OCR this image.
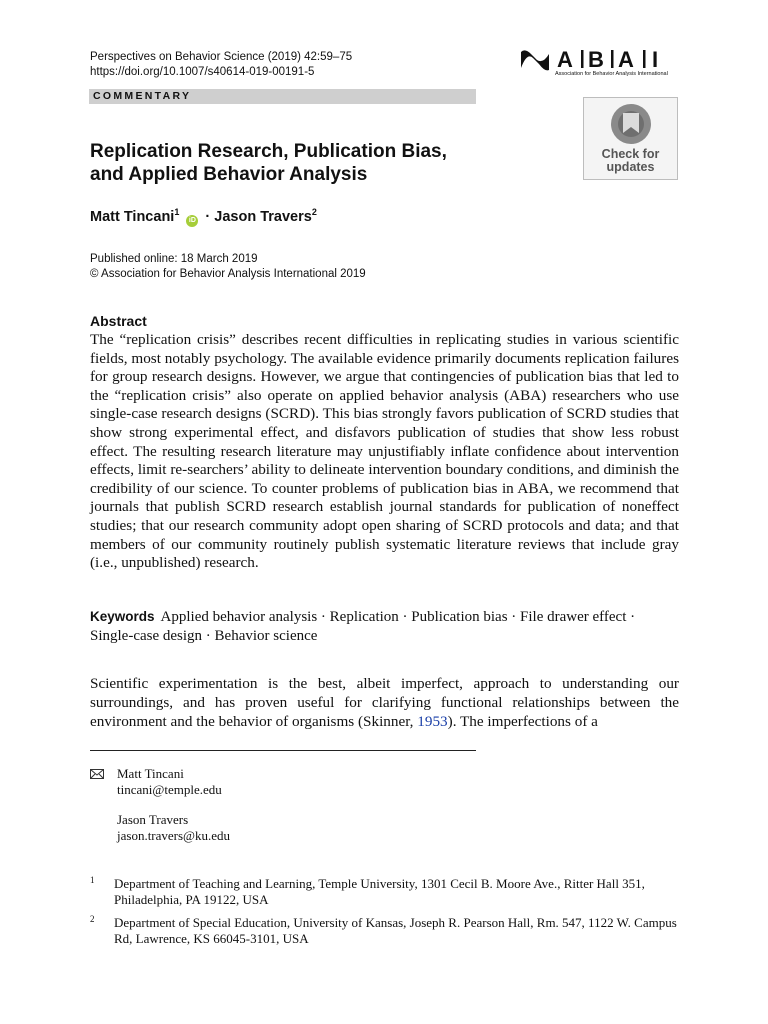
Perspectives on Behavior Science (2019) 42:59–75
https://doi.org/10.1007/s40614-019-00191-5	A B A I
Association for Behavior Analysis International
COMMENTARY
Check for
updates
Replication Research, Publication Bias,
and Applied Behavior Analysis
Matt Tincani$^1$ iD · Jason Travers$^2$
Published online: 18 March 2019
© Association for Behavior Analysis International 2019
Abstract
The “replication crisis” describes recent difficulties in replicating studies in various scientific fields, most notably psychology. The available evidence primarily documents replication failures for group research designs. However, we argue that contingencies of publication bias that led to the “replication crisis” also operate on applied behavior analysis (ABA) researchers who use single-case research designs (SCRD). This bias strongly favors publication of SCRD studies that show strong experimental effect, and disfavors publication of studies that show less robust effect. The resulting research literature may unjustifiably inflate confidence about intervention effects, limit re-searchers’ ability to delineate intervention boundary conditions, and diminish the credibility of our science. To counter problems of publication bias in ABA, we recommend that journals that publish SCRD research establish journal standards for publication of noneffect studies; that our research community adopt open sharing of SCRD protocols and data; and that members of our community routinely publish systematic literature reviews that include gray (i.e., unpublished) research.
Keywords Applied behavior analysis · Replication · Publication bias · File drawer effect · Single-case design · Behavior science
Scientific experimentation is the best, albeit imperfect, approach to understanding our surroundings, and has proven useful for clarifying functional relationships between the environment and the behavior of organisms (Skinner, 1953). The imperfections of a
Matt Tincani
tincani@temple.edu
Jason Travers
jason.travers@ku.edu
1 Department of Teaching and Learning, Temple University, 1301 Cecil B. Moore Ave., Ritter Hall 351, Philadelphia, PA 19122, USA
2 Department of Special Education, University of Kansas, Joseph R. Pearson Hall, Rm. 547, 1122 W. Campus Rd, Lawrence, KS 66045-3101, USA
